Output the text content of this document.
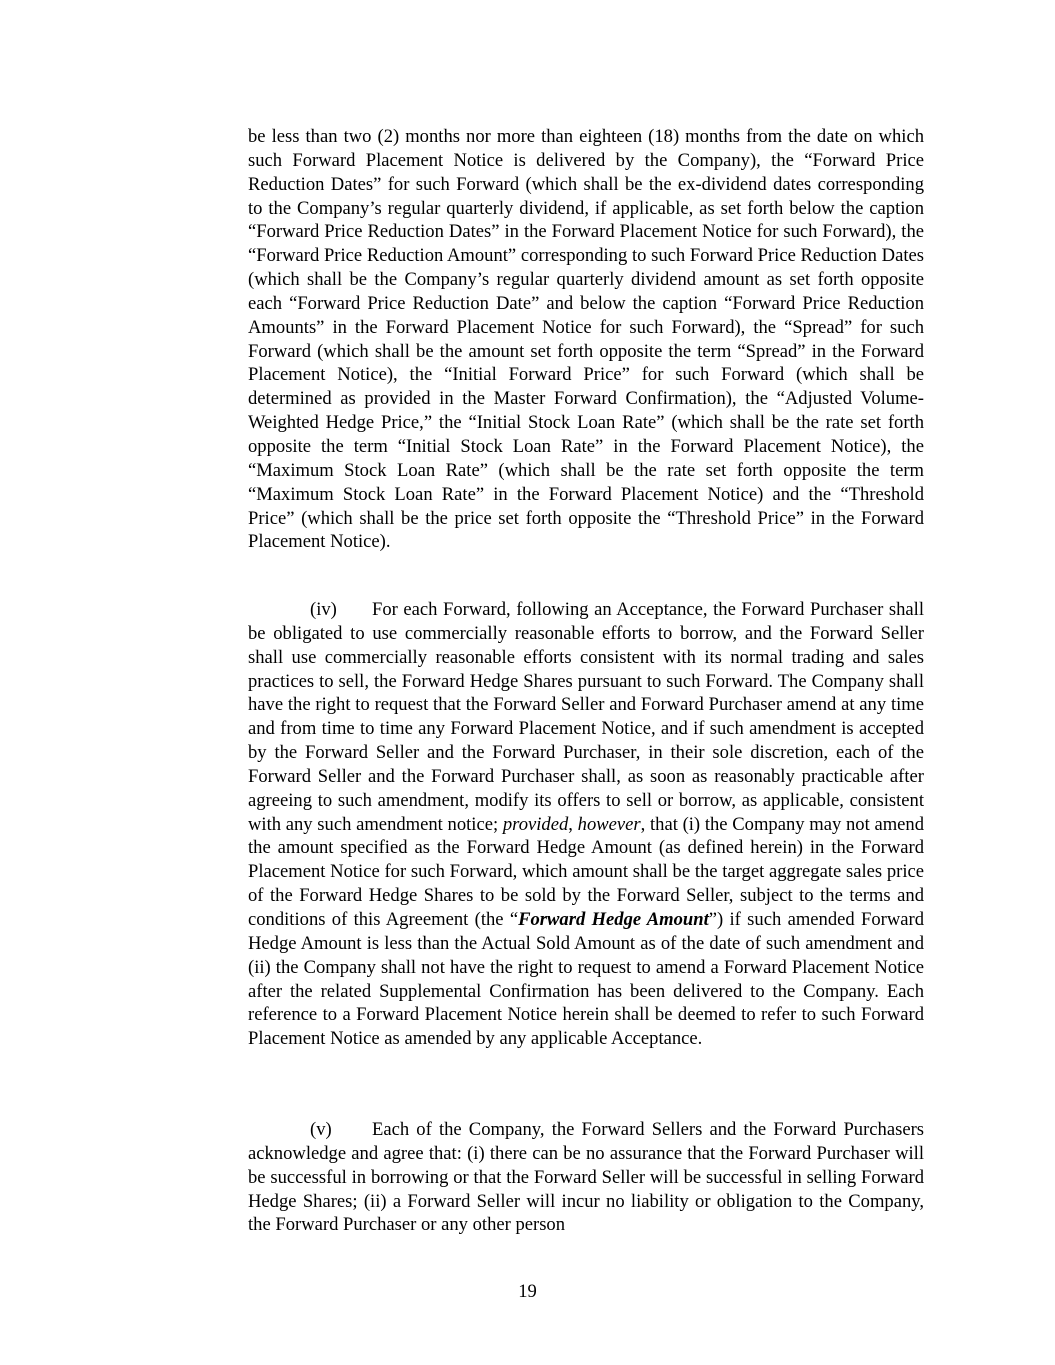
be less than two (2) months nor more than eighteen (18) months from the date on which such Forward Placement Notice is delivered by the Company), the “Forward Price Reduction Dates” for such Forward (which shall be the ex-dividend dates corresponding to the Company’s regular quarterly dividend, if applicable, as set forth below the caption “Forward Price Reduction Dates” in the Forward Placement Notice for such Forward), the “Forward Price Reduction Amount” corresponding to such Forward Price Reduction Dates (which shall be the Company’s regular quarterly dividend amount as set forth opposite each “Forward Price Reduction Date” and below the caption “Forward Price Reduction Amounts” in the Forward Placement Notice for such Forward), the “Spread” for such Forward (which shall be the amount set forth opposite the term “Spread” in the Forward Placement Notice), the “Initial Forward Price” for such Forward (which shall be determined as provided in the Master Forward Confirmation), the “Adjusted Volume-Weighted Hedge Price,” the “Initial Stock Loan Rate” (which shall be the rate set forth opposite the term “Initial Stock Loan Rate” in the Forward Placement Notice), the “Maximum Stock Loan Rate” (which shall be the rate set forth opposite the term “Maximum Stock Loan Rate” in the Forward Placement Notice) and the “Threshold Price” (which shall be the price set forth opposite the “Threshold Price” in the Forward Placement Notice).

(iv) For each Forward, following an Acceptance, the Forward Purchaser shall be obligated to use commercially reasonable efforts to borrow, and the Forward Seller shall use commercially reasonable efforts consistent with its normal trading and sales practices to sell, the Forward Hedge Shares pursuant to such Forward. The Company shall have the right to request that the Forward Seller and Forward Purchaser amend at any time and from time to time any Forward Placement Notice, and if such amendment is accepted by the Forward Seller and the Forward Purchaser, in their sole discretion, each of the Forward Seller and the Forward Purchaser shall, as soon as reasonably practicable after agreeing to such amendment, modify its offers to sell or borrow, as applicable, consistent with any such amendment notice; provided, however, that (i) the Company may not amend the amount specified as the Forward Hedge Amount (as defined herein) in the Forward Placement Notice for such Forward, which amount shall be the target aggregate sales price of the Forward Hedge Shares to be sold by the Forward Seller, subject to the terms and conditions of this Agreement (the “Forward Hedge Amount”) if such amended Forward Hedge Amount is less than the Actual Sold Amount as of the date of such amendment and (ii) the Company shall not have the right to request to amend a Forward Placement Notice after the related Supplemental Confirmation has been delivered to the Company. Each reference to a Forward Placement Notice herein shall be deemed to refer to such Forward Placement Notice as amended by any applicable Acceptance.

(v) Each of the Company, the Forward Sellers and the Forward Purchasers acknowledge and agree that: (i) there can be no assurance that the Forward Purchaser will be successful in borrowing or that the Forward Seller will be successful in selling Forward Hedge Shares; (ii) a Forward Seller will incur no liability or obligation to the Company, the Forward Purchaser or any other person

19
